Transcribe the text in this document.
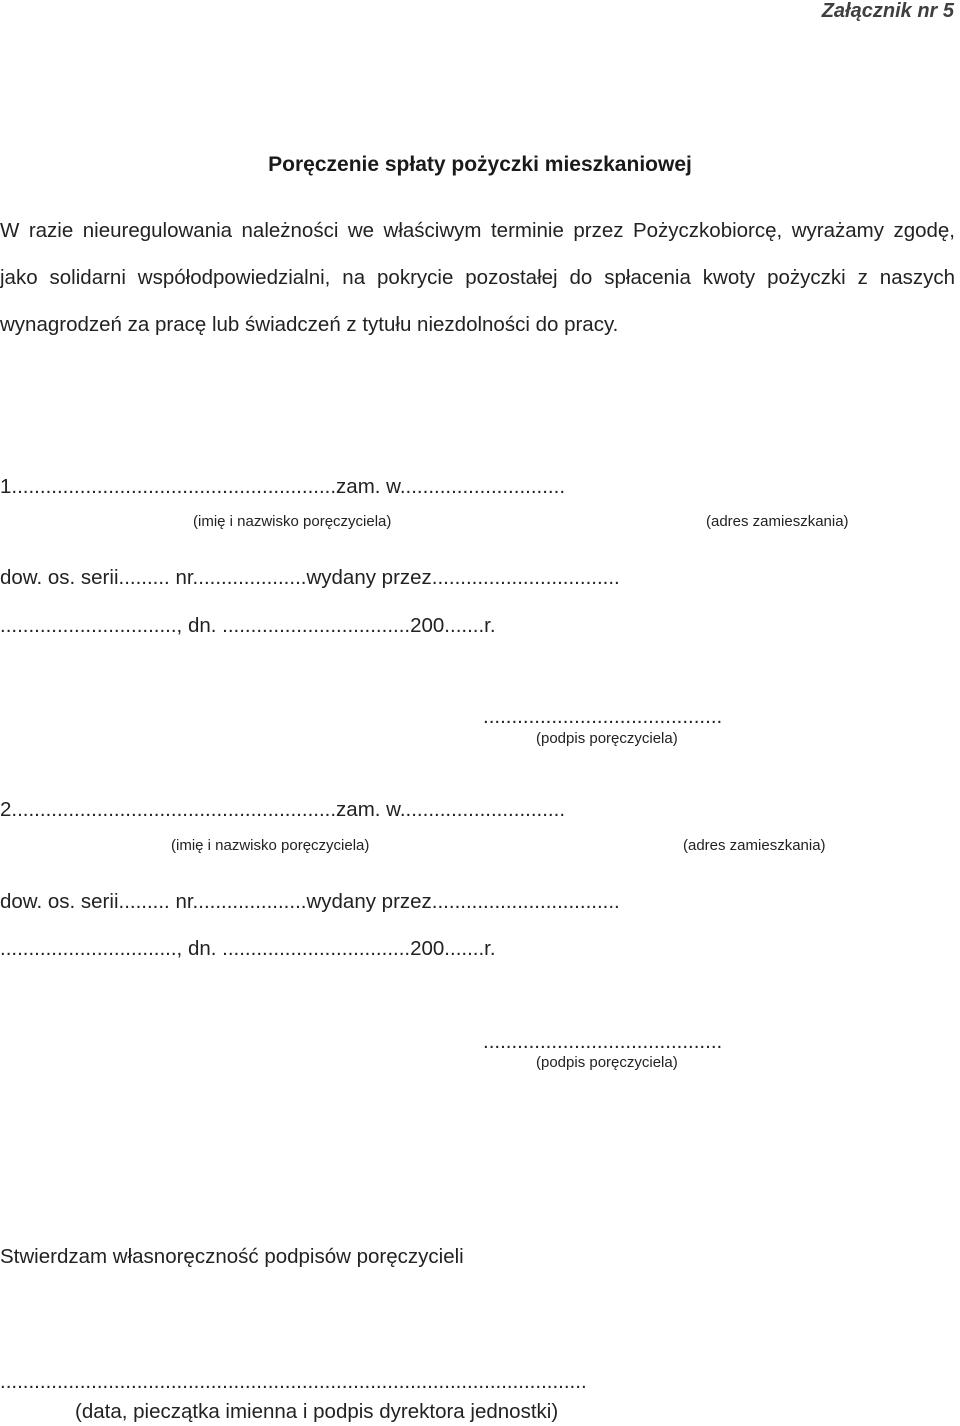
Załącznik nr 5
Poręczenie spłaty pożyczki mieszkaniowej
W razie nieuregulowania należności we właściwym terminie przez Pożyczkobiorcę, wyrażamy zgodę, jako solidarni współodpowiedzialni, na pokrycie pozostałej do spłacenia kwoty pożyczki z naszych wynagrodzeń za pracę lub świadczeń z tytułu niezdolności do pracy.
1.........................................................zam. w.............................
(imię i nazwisko poręczyciela)	(adres zamieszkania)
dow. os. serii......... nr....................wydany przez.................................
..............................., dn. .................................200.......r.
..........................................
(podpis poręczyciela)
2.........................................................zam. w.............................
(imię i nazwisko poręczyciela)	(adres zamieszkania)
dow. os. serii......... nr....................wydany przez.................................
..............................., dn. .................................200.......r.
..........................................
(podpis poręczyciela)
Stwierdzam własnoręczność podpisów poręczycieli
.......................................................................................................
(data, pieczątka imienna i podpis dyrektora jednostki)
